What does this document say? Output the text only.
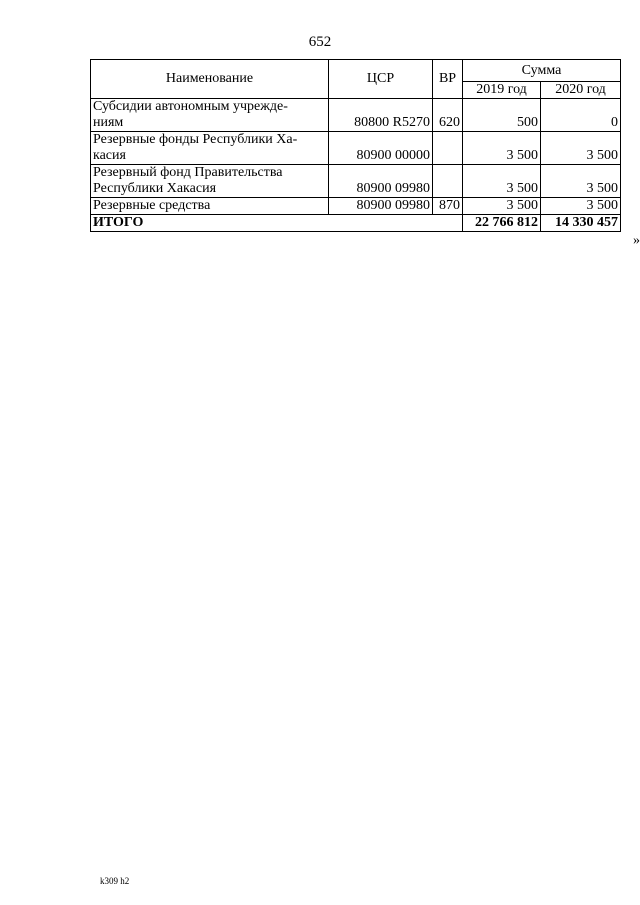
652
Наименование	ЦСР	ВР	Сумма	
			2019 год	2020 год
Субсидии автономным учрежде-
ниям	80800 R5270	620	500	0
Резервные фонды Республики Ха-
касия	80900 00000		3 500	3 500
Резервный фонд Правительства
Республики Хакасия	80900 09980		3 500	3 500
Резервные средства	80900 09980	870	3 500	3 500
ИТОГО			22 766 812	14 330 457
»
k309 h2
